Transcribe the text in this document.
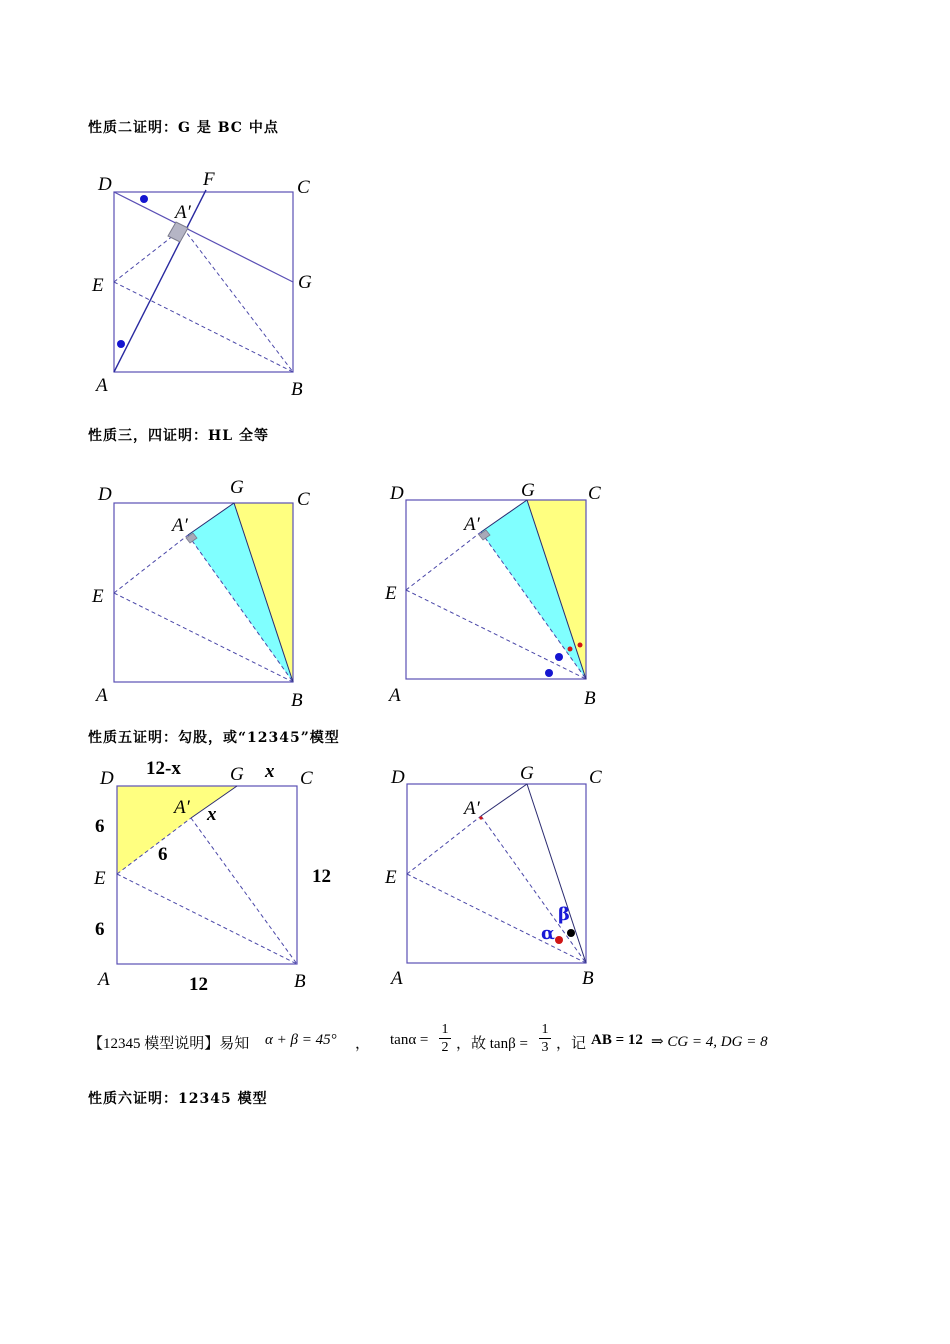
性质二证明：G 是 BC 中点
D	F	C
A′
G
E
A	B
性质三，四证明：HL 全等
D	G
C
A′
E
A	B
D	G	C
A′
E
A	B
性质五证明：勾股，或“12345”模型
D 12-x	G x C
A′ x
6
6
12
E
6
A	12	B
α
β
D	G	C
A′
E
A	B
【12345 模型说明】易知 α + β = 45° ， tanα =
1
2 ，故 tanβ =
1
3 ，记 AB = 12 ⇒ CG = 4, DG = 8
性质六证明：12345 模型
